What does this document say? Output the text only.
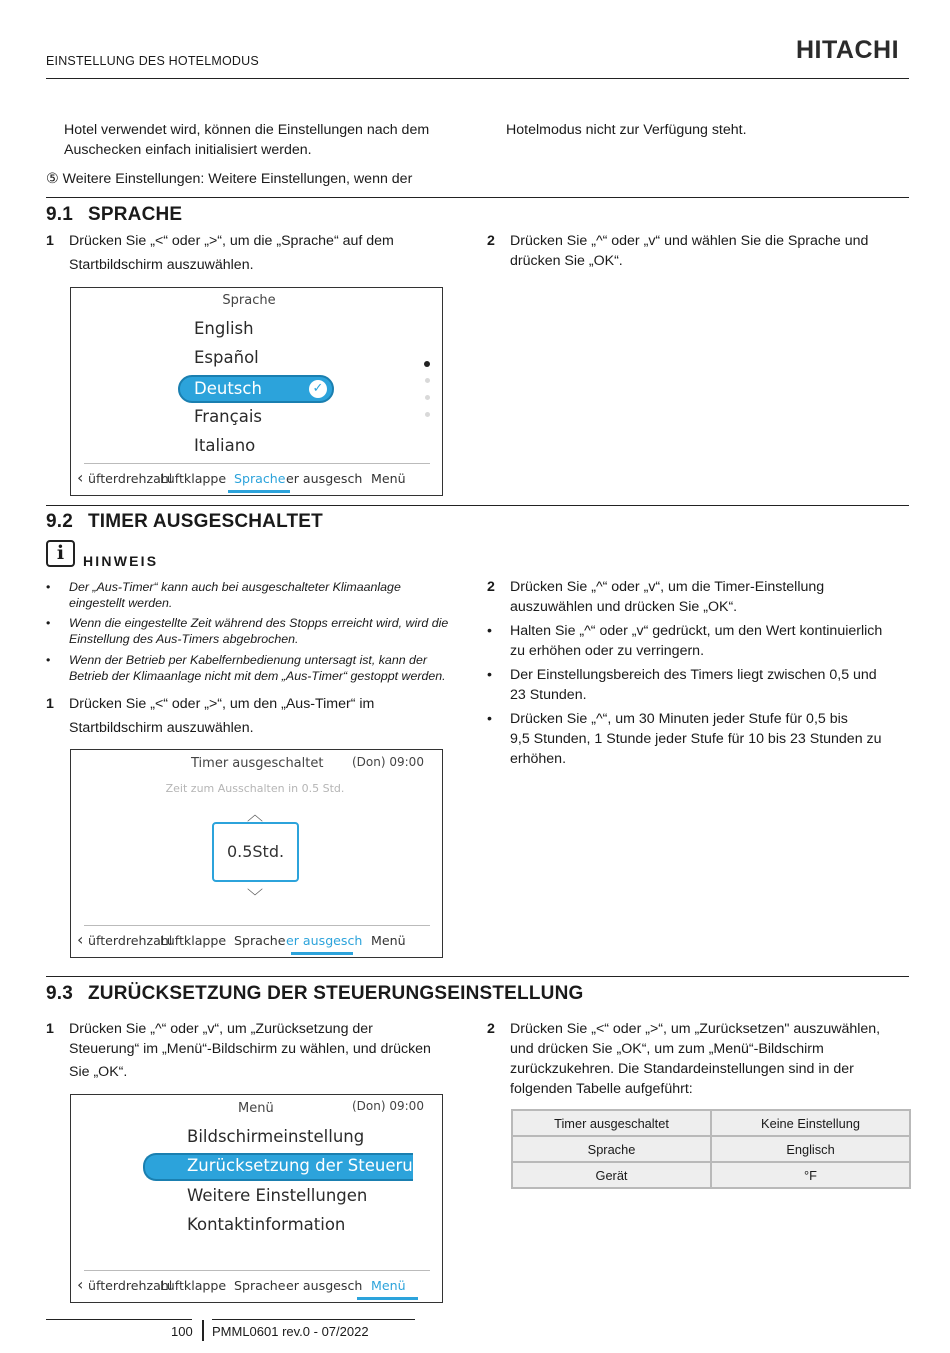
EINSTELLUNG DES HOTELMODUS	HITACHI
Hotel verwendet wird, können die Einstellungen nach dem
Auschecken einfach initialisiert werden.
⑤ Weitere Einstellungen: Weitere Einstellungen, wenn der
Hotelmodus nicht zur Verfügung steht.
9.1 SPRACHE
1 Drücken Sie „<“ oder „>“, um die „Sprache“ auf dem
Startbildschirm auszuwählen.
2 Drücken Sie „^“ oder „v“ und wählen Sie die Sprache und
drücken Sie „OK“.
Sprache
English
Español
Deutsch	✓
Français
Italiano
‹ üfterdrehzahl
Luftklappe Sprache er ausgesch Menü
9.2 TIMER AUSGESCHALTET
i	HINWEIS
• Der „Aus-Timer“ kann auch bei ausgeschalteter Klimaanlage
eingestellt werden.
• Wenn die eingestellte Zeit während des Stopps erreicht wird, wird die
Einstellung des Aus-Timers abgebrochen.
• Wenn der Betrieb per Kabelfernbedienung untersagt ist, kann der
Betrieb der Klimaanlage nicht mit dem „Aus-Timer“ gestoppt werden.
1 Drücken Sie „<“ oder „>“, um den „Aus-Timer“ im
Startbildschirm auszuwählen.
2 Drücken Sie „^“ oder „v“, um die Timer-Einstellung
auszuwählen und drücken Sie „OK“.
• Halten Sie „^“ oder „v“ gedrückt, um den Wert kontinuierlich
zu erhöhen oder zu verringern.
• Der Einstellungsbereich des Timers liegt zwischen 0,5 und
23 Stunden.
• Drücken Sie „^“, um 30 Minuten jeder Stufe für 0,5 bis
9,5 Stunden, 1 Stunde jeder Stufe für 10 bis 23 Stunden zu
erhöhen.
Timer ausgeschaltet (Don) 09:00
Zeit zum Ausschalten in 0.5 Std.
︿
0.5Std.
﹀
‹ üfterdrehzahl
Luftklappe Sprache er ausgesch Menü
9.3 ZURÜCKSETZUNG DER STEUERUNGSEINSTELLUNG
1 Drücken Sie „^“ oder „v“, um „Zurücksetzung der
Steuerung“ im „Menü“-Bildschirm zu wählen, und drücken
Sie „OK“.
2 Drücken Sie „<“ oder „>“, um „Zurücksetzen" auszuwählen,
und drücken Sie „OK“, um zum „Menü“-Bildschirm
zurückzukehren. Die Standardeinstellungen sind in der
folgenden Tabelle aufgeführt:
Menü	(Don) 09:00
Bildschirmeinstellung
Zurücksetzung der Steuerung
Weitere Einstellungen
Kontaktinformation
‹ üfterdrehzahl
Luftklappe Sprache er ausgesch Menü
Timer ausgeschaltet	Keine Einstellung
Sprache	Englisch
Gerät	°F
100 PMML0601 rev.0 - 07/2022
